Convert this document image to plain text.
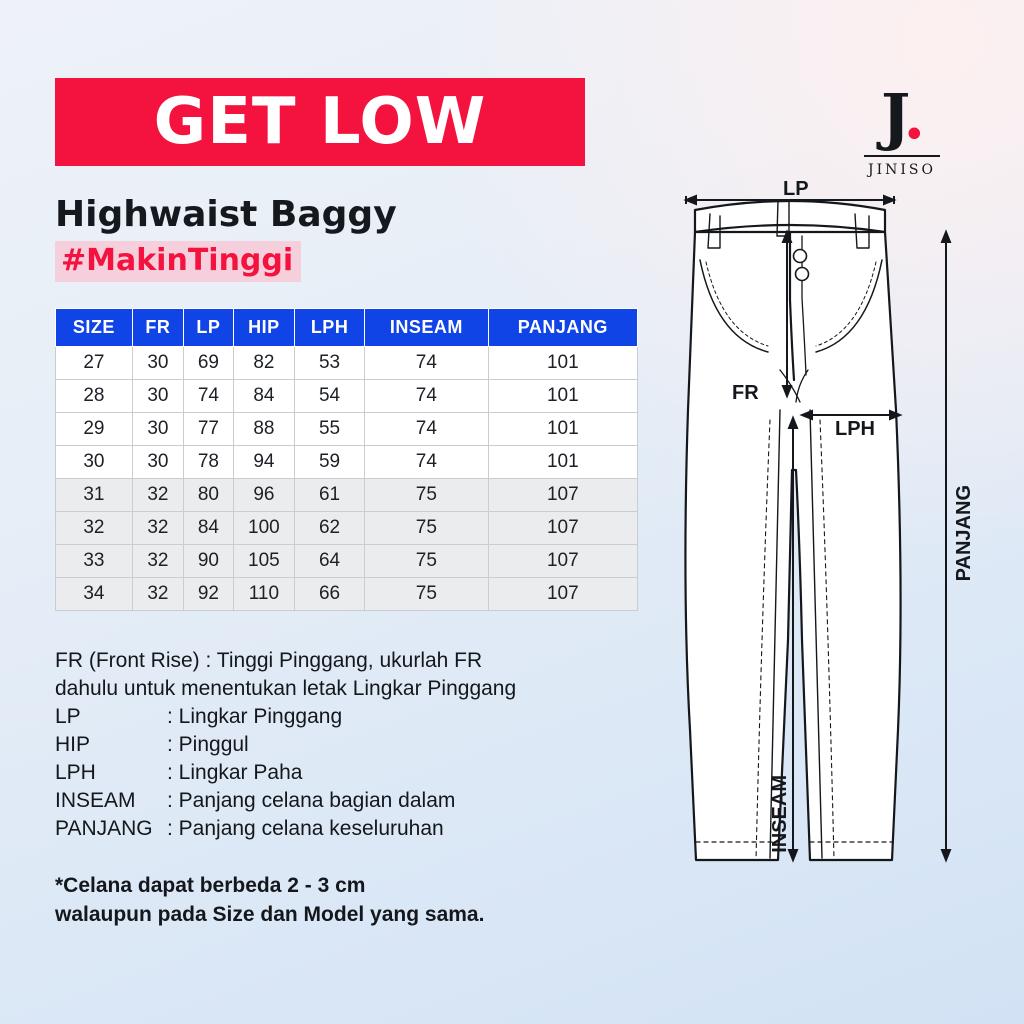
J.
JINISO
GET LOW
Highwaist Baggy
#MakinTinggi
SIZE	FR	LP	HIP	LPH	INSEAM	PANJANG
27	30	69	82	53	74	101
28	30	74	84	54	74	101
29	30	77	88	55	74	101
30	30	78	94	59	74	101
31	32	80	96	61	75	107
32	32	84	100	62	75	107
33	32	90	105	64	75	107
34	32	92	110	66	75	107
FR (Front Rise) : Tinggi Pinggang, ukurlah FR
dahulu untuk menentukan letak Lingkar Pinggang
LP	: Lingkar Pinggang
HIP	: Pinggul
LPH	: Lingkar Paha
INSEAM	: Panjang celana bagian dalam
PANJANG : Panjang celana keseluruhan
*Celana dapat berbeda 2 - 3 cm
walaupun pada Size dan Model yang sama.
LP
FR
LPH
PANJANG
INSEAM
